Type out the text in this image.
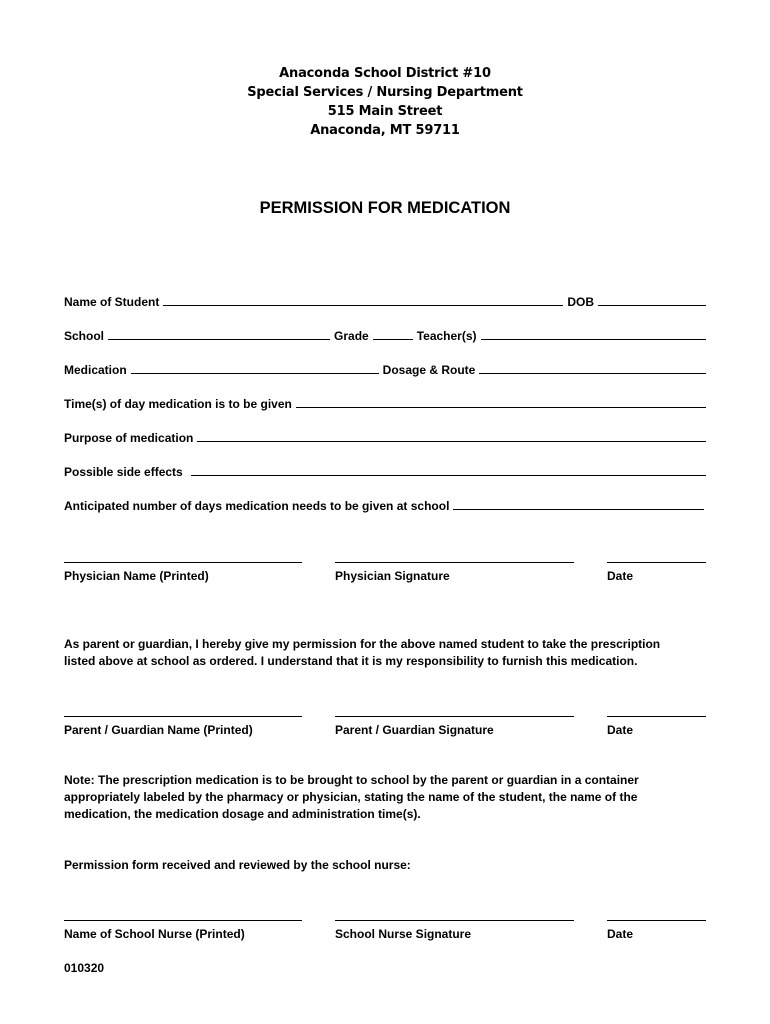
Anaconda School District #10
Special Services / Nursing Department
515 Main Street
Anaconda, MT 59711
PERMISSION FOR MEDICATION
Name of Student	DOB
School	Grade	Teacher(s)
Medication	Dosage & Route
Time(s) of day medication is to be given
Purpose of medication
Possible side effects
Anticipated number of days medication needs to be given at school
Physician Name (Printed)	Physician Signature	Date
As parent or guardian, I hereby give my permission for the above named student to take the prescription
listed above at school as ordered. I understand that it is my responsibility to furnish this medication.
Parent / Guardian Name (Printed)	Parent / Guardian Signature	Date
Note: The prescription medication is to be brought to school by the parent or guardian in a container
appropriately labeled by the pharmacy or physician, stating the name of the student, the name of the
medication, the medication dosage and administration time(s).
Permission form received and reviewed by the school nurse:
Name of School Nurse (Printed)	School Nurse Signature	Date
010320
